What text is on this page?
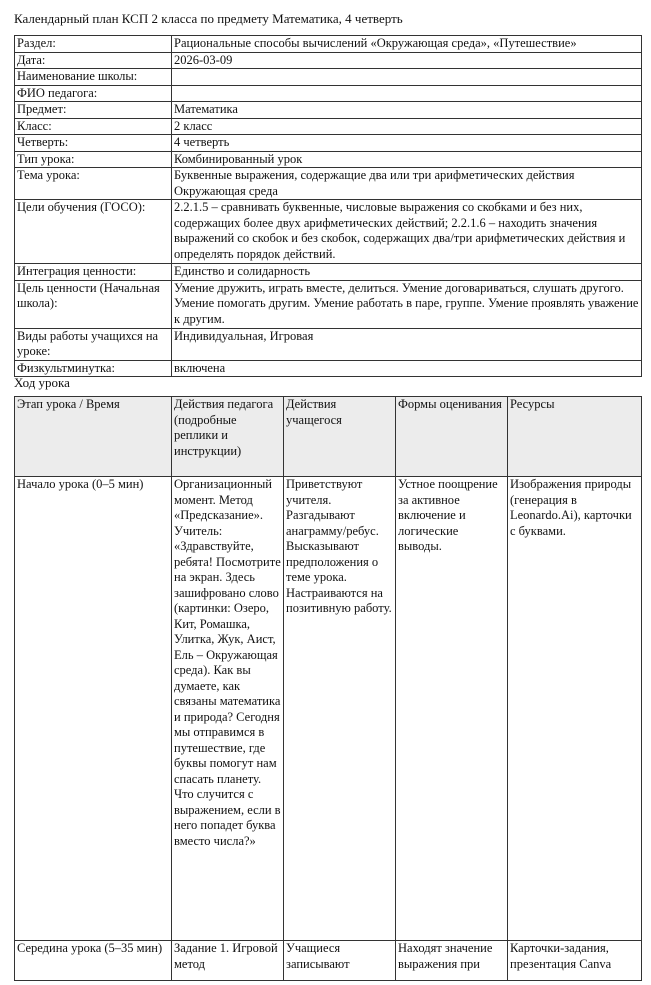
Календарный план КСП 2 класса по предмету Математика, 4 четверть
Раздел:	Рациональные способы вычислений «Окружающая среда», «Путешествие»
Дата:	2026-03-09
Наименование школы:	
ФИО педагога:	
Предмет:	Математика
Класс:	2 класс
Четверть:	4 четверть
Тип урока:	Комбинированный урок
Тема урока:	Буквенные выражения, содержащие два или три арифметических действия Окружающая среда
Цели обучения (ГОСО):	2.2.1.5 – сравнивать буквенные, числовые выражения со скобками и без них, содержащих более двух арифметических действий; 2.2.1.6 – находить значения выражений со скобок и без скобок, содержащих два/три арифметических действия и определять порядок действий.
Интеграция ценности:	Единство и солидарность
Цель ценности (Начальная школа):	Умение дружить, играть вместе, делиться. Умение договариваться, слушать другого. Умение помогать другим. Умение работать в паре, группе. Умение проявлять уважение к другим.
Виды работы учащихся на уроке:	Индивидуальная, Игровая
Физкультминутка:	включена
Ход урока
Этап урока / Время	Действия педагога (подробные реплики и инструкции)	Действия учащегося	Формы оценивания	Ресурсы

Начало урока (0–5 мин)	Организационный момент. Метод «Предсказание». Учитель: «Здравствуйте, ребята! Посмотрите на экран. Здесь зашифровано слово (картинки: Озеро, Кит, Ромашка, Улитка, Жук, Аист, Ель – Окружающая среда). Как вы думаете, как связаны математика и природа? Сегодня мы отправимся в путешествие, где буквы помогут нам спасать планету. Что случится с выражением, если в него попадет буква вместо числа?»	Приветствуют учителя. Разгадывают анаграмму/ребус. Высказывают предположения о теме урока. Настраиваются на позитивную работу.	Устное поощрение за активное включение и логические выводы.	Изображения природы (генерация в Leonardo.Ai), карточки с буквами.

Середина урока (5–35 мин)	Задание 1. Игровой метод	Учащиеся записывают	Находят значение выражения при	Карточки-задания, презентация Canva
